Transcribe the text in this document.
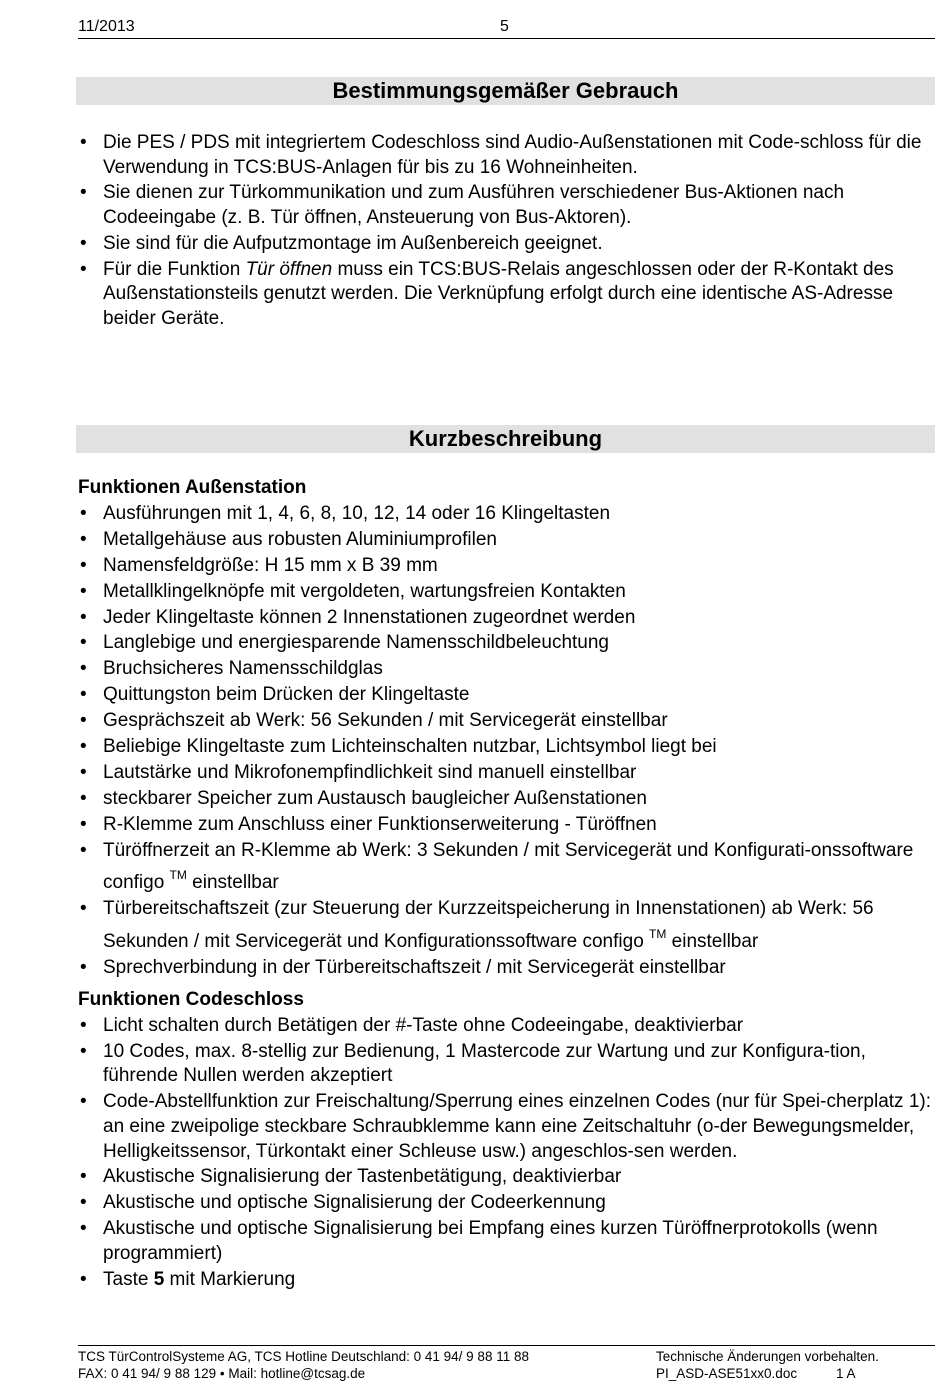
11/2013	5
Bestimmungsgemäßer Gebrauch
• Die PES / PDS mit integriertem Codeschloss sind Audio-Außenstationen mit Code-schloss für die Verwendung in TCS:BUS-Anlagen für bis zu 16 Wohneinheiten.
• Sie dienen zur Türkommunikation und zum Ausführen verschiedener Bus-Aktionen nach Codeeingabe (z. B. Tür öffnen, Ansteuerung von Bus-Aktoren).
• Sie sind für die Aufputzmontage im Außenbereich geeignet.
• Für die Funktion Tür öffnen muss ein TCS:BUS-Relais angeschlossen oder der R-Kontakt des Außenstationsteils genutzt werden. Die Verknüpfung erfolgt durch eine identische AS-Adresse beider Geräte.
Kurzbeschreibung
Funktionen Außenstation
• Ausführungen mit 1, 4, 6, 8, 10, 12, 14 oder 16 Klingeltasten
• Metallgehäuse aus robusten Aluminiumprofilen
• Namensfeldgröße: H 15 mm x B 39 mm
• Metallklingelknöpfe mit vergoldeten, wartungsfreien Kontakten
• Jeder Klingeltaste können 2 Innenstationen zugeordnet werden
• Langlebige und energiesparende Namensschildbeleuchtung
• Bruchsicheres Namensschildglas
• Quittungston beim Drücken der Klingeltaste
• Gesprächszeit ab Werk: 56 Sekunden / mit Servicegerät einstellbar
• Beliebige Klingeltaste zum Lichteinschalten nutzbar, Lichtsymbol liegt bei
• Lautstärke und Mikrofonempfindlichkeit sind manuell einstellbar
• steckbarer Speicher zum Austausch baugleicher Außenstationen
• R-Klemme zum Anschluss einer Funktionserweiterung - Türöffnen
• Türöffnerzeit an R-Klemme ab Werk: 3 Sekunden / mit Servicegerät und Konfigurati-onssoftware configo ™ einstellbar
• Türbereitschaftszeit (zur Steuerung der Kurzzeitspeicherung in Innenstationen) ab Werk: 56 Sekunden / mit Servicegerät und Konfigurationssoftware configo ™ einstellbar
• Sprechverbindung in der Türbereitschaftszeit / mit Servicegerät einstellbar
Funktionen Codeschloss
• Licht schalten durch Betätigen der #-Taste ohne Codeeingabe, deaktivierbar
• 10 Codes, max. 8-stellig zur Bedienung, 1 Mastercode zur Wartung und zur Konfigura-tion, führende Nullen werden akzeptiert
• Code-Abstellfunktion zur Freischaltung/Sperrung eines einzelnen Codes (nur für Spei-cherplatz 1): an eine zweipolige steckbare Schraubklemme kann eine Zeitschaltuhr (o-der Bewegungsmelder, Helligkeitssensor, Türkontakt einer Schleuse usw.) angeschlos-sen werden.
• Akustische Signalisierung der Tastenbetätigung, deaktivierbar
• Akustische und optische Signalisierung der Codeerkennung
• Akustische und optische Signalisierung bei Empfang eines kurzen Türöffnerprotokolls (wenn programmiert)
• Taste 5 mit Markierung
TCS TürControlSysteme AG, TCS Hotline Deutschland: 0 41 94/ 9 88 11 88	Technische Änderungen vorbehalten.
FAX: 0 41 94/ 9 88 129 • Mail: hotline@tcsag.de	PI_ASD-ASE51xx0.doc	1 A
